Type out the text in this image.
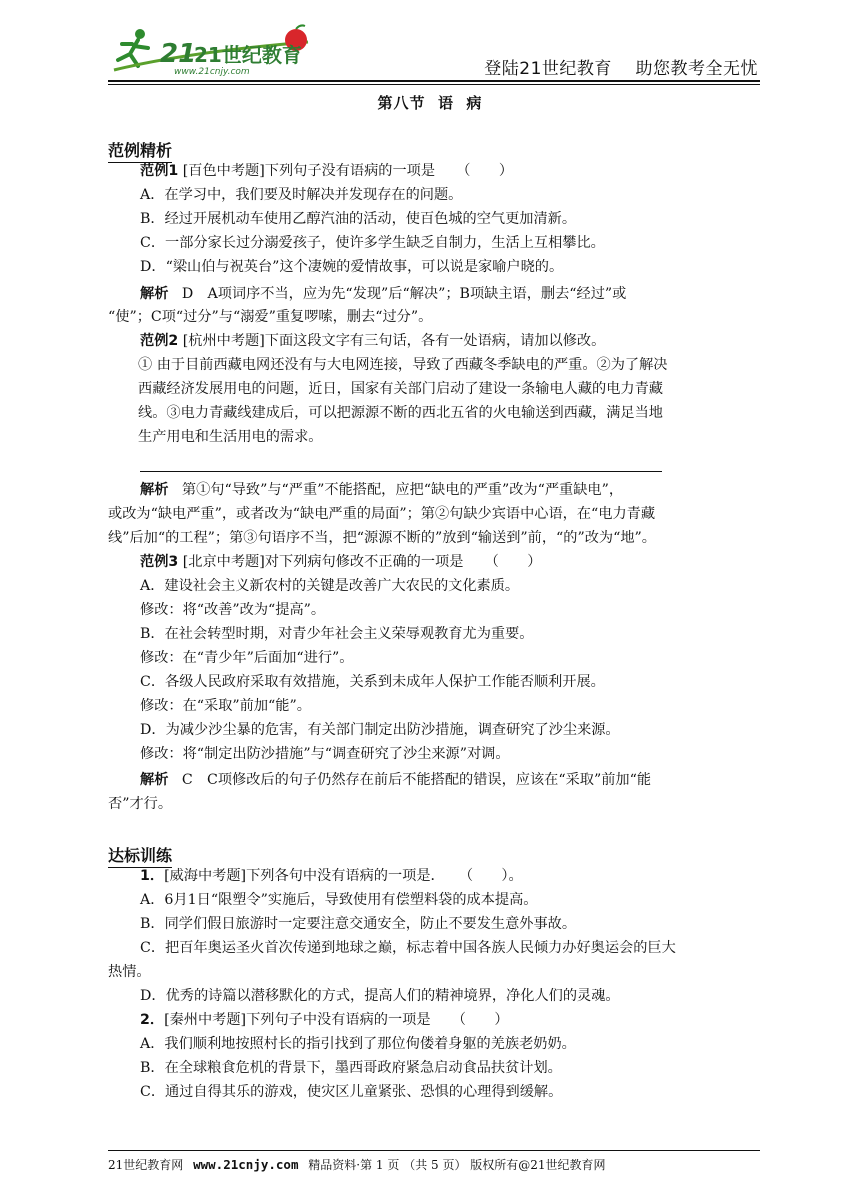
21
21世纪教育
www.21cnjy.com	登陆21世纪教育    助您教考全无忧
第八节  语  病
范例精析
范例1 [百色中考题]下列句子没有语病的一项是　　（　　）
A．在学习中，我们要及时解决并发现存在的问题。
B．经过开展机动车使用乙醇汽油的活动，使百色城的空气更加清新。
C．一部分家长过分溺爱孩子，使许多学生缺乏自制力，生活上互相攀比。
D．“梁山伯与祝英台”这个凄婉的爱情故事，可以说是家喻户晓的。
解析 D　A项词序不当，应为先“发现”后“解决”；B项缺主语，删去“经过”或
“使”；C项“过分”与“溺爱”重复啰嗦，删去“过分”。
范例2 [杭州中考题]下面这段文字有三句话，各有一处语病，请加以修改。
① 由于目前西藏电网还没有与大电网连接，导致了西藏冬季缺电的严重。②为了解决
西藏经济发展用电的问题，近日，国家有关部门启动了建设一条输电人藏的电力青藏
线。③电力青藏线建成后，可以把源源不断的西北五省的火电输送到西藏，满足当地
生产用电和生活用电的需求。
解析 第①句“导致”与“严重”不能搭配，应把“缺电的严重”改为“严重缺电”，
或改为“缺电严重”，或者改为“缺电严重的局面”；第②句缺少宾语中心语，在“电力青藏
线”后加“的工程”；第③句语序不当，把“源源不断的”放到“输送到”前，“的”改为“地”。
范例3 [北京中考题]对下列病句修改不正确的一项是　　（　　）
A．建设社会主义新农村的关键是改善广大农民的文化素质。
修改：将“改善”改为“提高”。
B．在社会转型时期，对青少年社会主义荣辱观教育尤为重要。
修改：在“青少年”后面加“进行”。
C．各级人民政府采取有效措施，关系到未成年人保护工作能否顺利开展。
修改：在“采取”前加“能”。
D．为减少沙尘暴的危害，有关部门制定出防沙措施，调查研究了沙尘来源。
修改：将“制定出防沙措施”与“调查研究了沙尘来源”对调。
解析 C　C项修改后的句子仍然存在前后不能搭配的错误，应该在“采取”前加“能
否”才行。
达标训练
1．[威海中考题]下列各句中没有语病的一项是．　　（　　）。
A．6月1日“限塑令”实施后，导致使用有偿塑料袋的成本提高。
B．同学们假日旅游时一定要注意交通安全，防止不要发生意外事故。
C．把百年奥运圣火首次传递到地球之巅，标志着中国各族人民倾力办好奥运会的巨大
热情。
D．优秀的诗篇以潜移默化的方式，提高人们的精神境界，净化人们的灵魂。
2．[秦州中考题]下列句子中没有语病的一项是　　（　　）
A．我们顺利地按照村长的指引找到了那位佝偻着身躯的羌族老奶奶。
B．在全球粮食危机的背景下，墨西哥政府紧急启动食品扶贫计划。
C．通过自得其乐的游戏，使灾区儿童紧张、恐惧的心理得到缓解。
21世纪教育网 www.21cnjy.com 精品资料·第 1 页 （共 5 页） 版权所有@21世纪教育网
